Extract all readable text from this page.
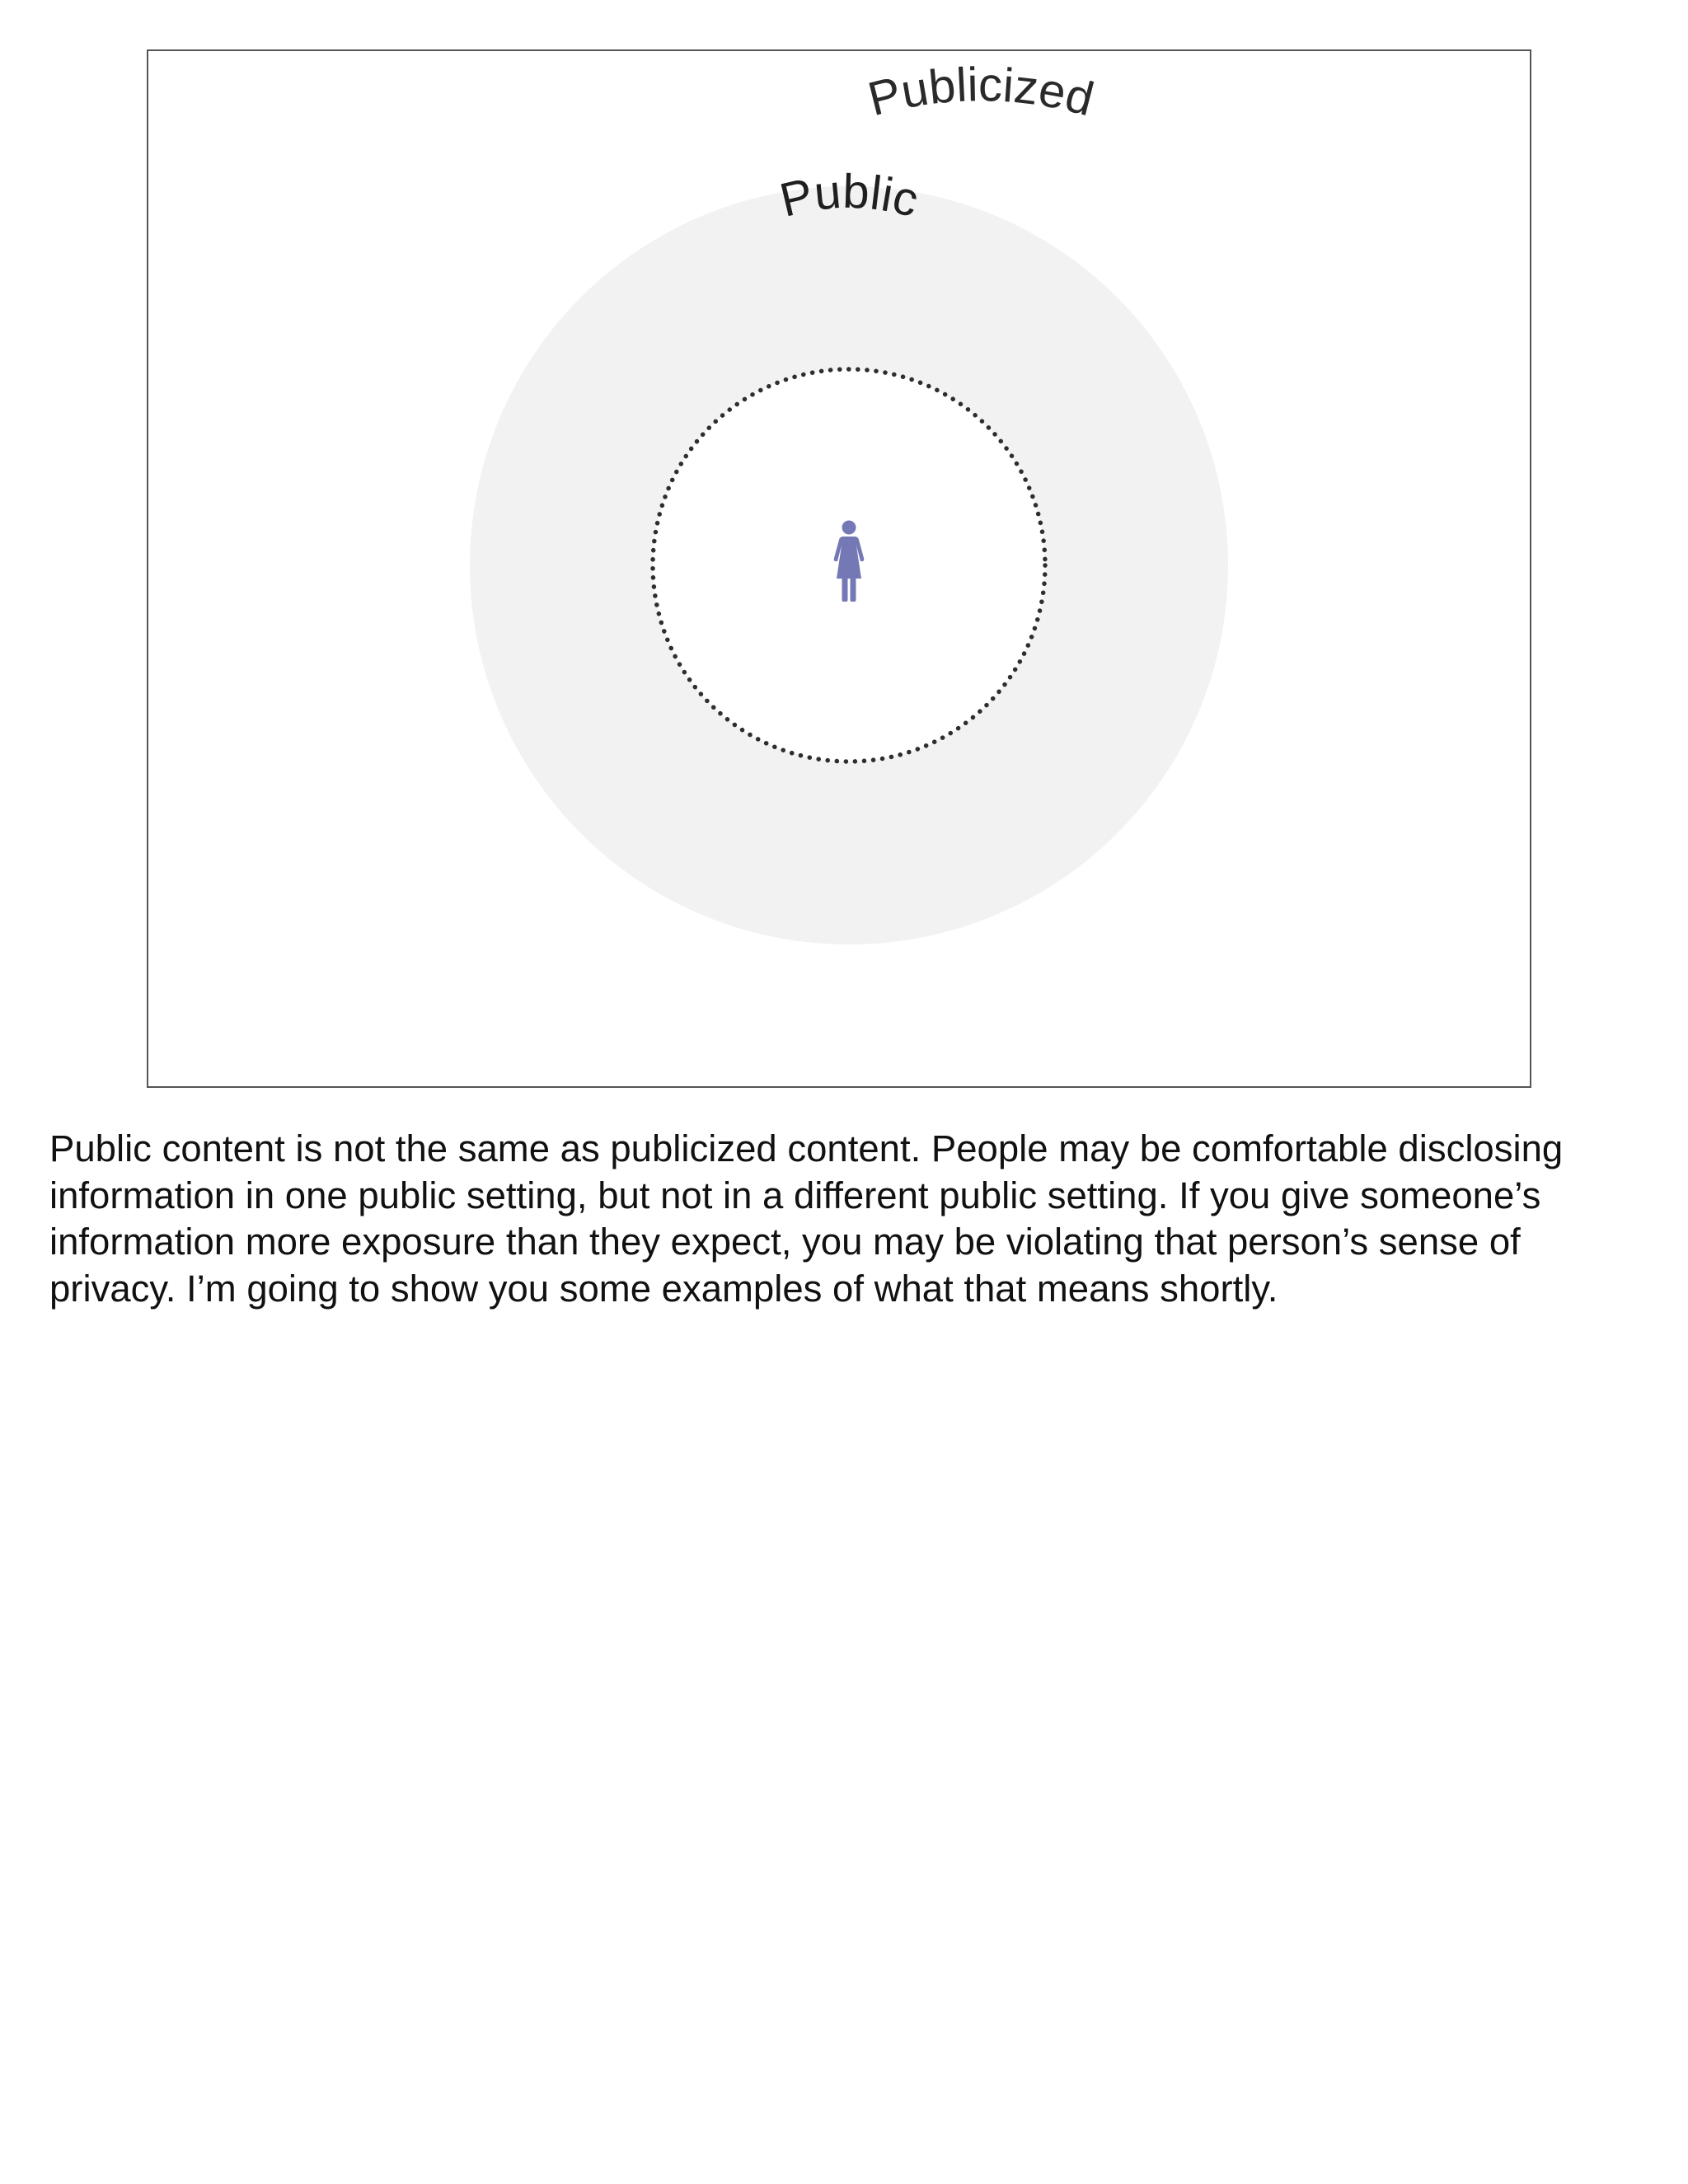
Publicized
Public

Public content is not the same as publicized content. People may be comfortable disclosing information in one public setting, but not in a different public setting. If you give someone’s information more exposure than they expect, you may be violating that person’s sense of privacy. I’m going to show you some examples of what that means shortly.
